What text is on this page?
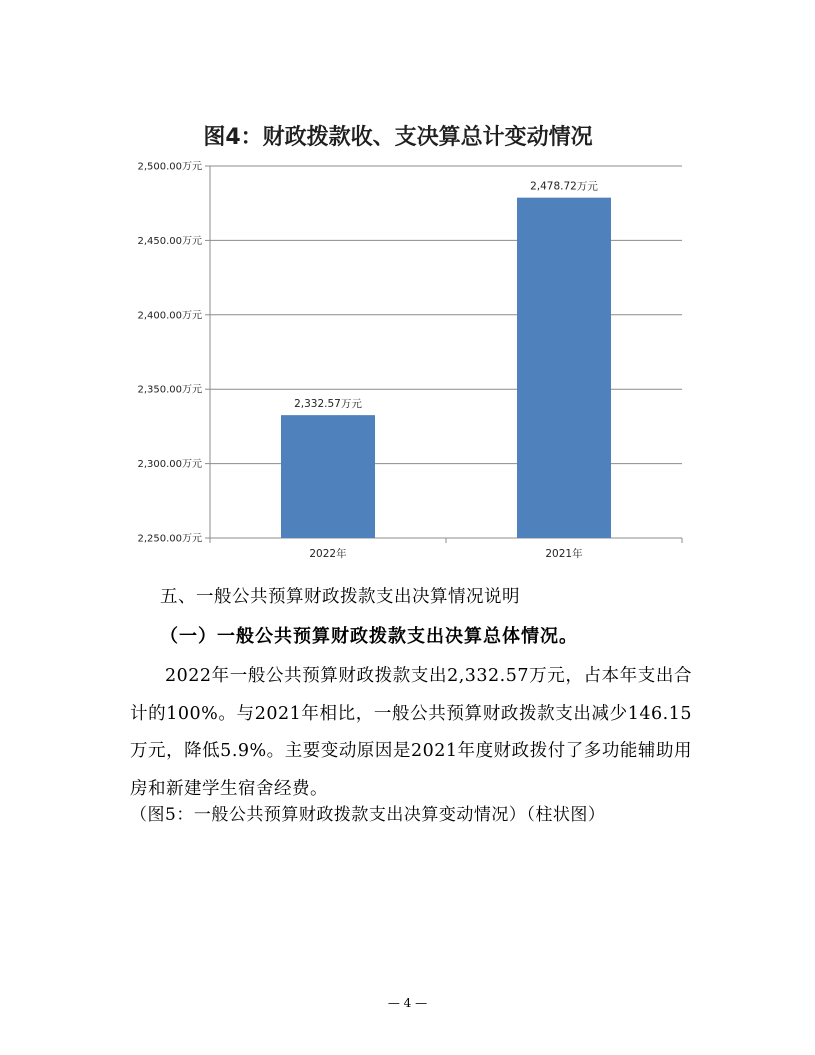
图4：财政拨款收、支决算总计变动情况
2,250.00万元
2,300.00万元
2,350.00万元
2,400.00万元
2,450.00万元
2,500.00万元
2,332.57万元
2,478.72万元
2022年	2021年
五、一般公共预算财政拨款支出决算情况说明
（一）一般公共预算财政拨款支出决算总体情况。
2022年一般公共预算财政拨款支出2,332.57万元，占本年支出合计的100%。与2021年相比，一般公共预算财政拨款支出减少146.15万元，降低5.9%。主要变动原因是2021年度财政拨付了多功能辅助用房和新建学生宿舍经费。
（图5：一般公共预算财政拨款支出决算变动情况）（柱状图）
— 4 —
